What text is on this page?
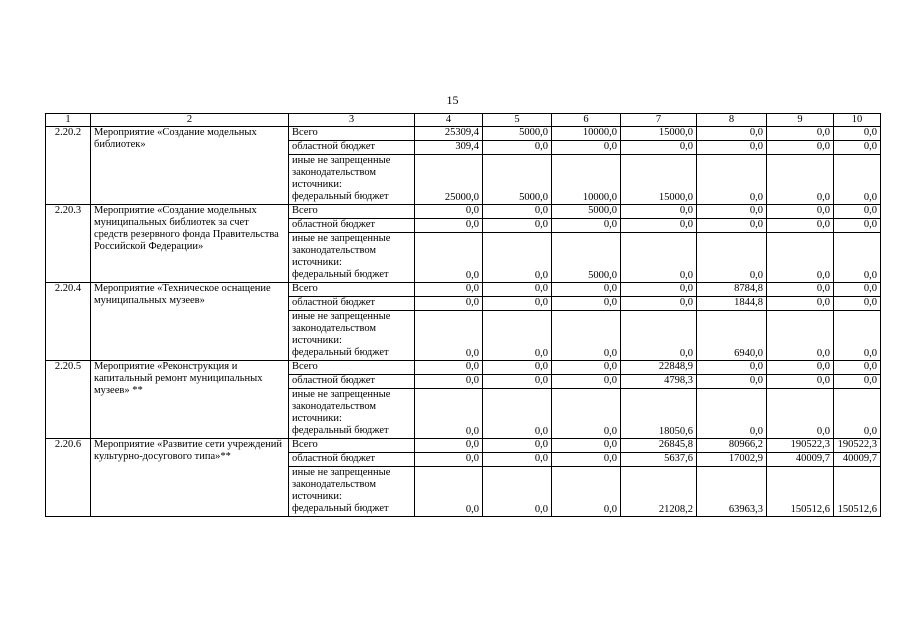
15
1	2	3	4	5	6	7	8	9	10
2.20.2	Мероприятие «Создание модельных библиотек»	Всего	25309,4	5000,0	10000,0	15000,0	0,0	0,0	0,0
		областной бюджет	309,4	0,0	0,0	0,0	0,0	0,0	0,0

		иные не запрещенные
законодательством
источники:
федеральный бюджет	25000,0	5000,0	10000,0	15000,0	0,0	0,0	0,0
2.20.3	Мероприятие «Создание модельных муниципальных библиотек за счет средств резервного фонда Правительства Российской Федерации»	Всего	0,0	0,0	5000,0	0,0	0,0	0,0	0,0
		областной бюджет	0,0	0,0	0,0	0,0	0,0	0,0	0,0

		иные не запрещенные
законодательством
источники:
федеральный бюджет	0,0	0,0	5000,0	0,0	0,0	0,0	0,0
2.20.4	Мероприятие «Техническое оснащение муниципальных музеев»	Всего	0,0	0,0	0,0	0,0	8784,8	0,0	0,0
		областной бюджет	0,0	0,0	0,0	0,0	1844,8	0,0	0,0

		иные не запрещенные
законодательством
источники:
федеральный бюджет	0,0	0,0	0,0	0,0	6940,0	0,0	0,0
2.20.5	Мероприятие «Реконструкция и капитальный ремонт муниципальных музеев» **	Всего	0,0	0,0	0,0	22848,9	0,0	0,0	0,0
		областной бюджет	0,0	0,0	0,0	4798,3	0,0	0,0	0,0

		иные не запрещенные
законодательством
источники:
федеральный бюджет	0,0	0,0	0,0	18050,6	0,0	0,0	0,0
2.20.6	Мероприятие «Развитие сети учреждений культурно-досугового типа»**	Всего	0,0	0,0	0,0	26845,8	80966,2	190522,3	190522,3
		областной бюджет	0,0	0,0	0,0	5637,6	17002,9	40009,7	40009,7

		иные не запрещенные
законодательством
источники:
федеральный бюджет	0,0	0,0	0,0	21208,2	63963,3	150512,6	150512,6
